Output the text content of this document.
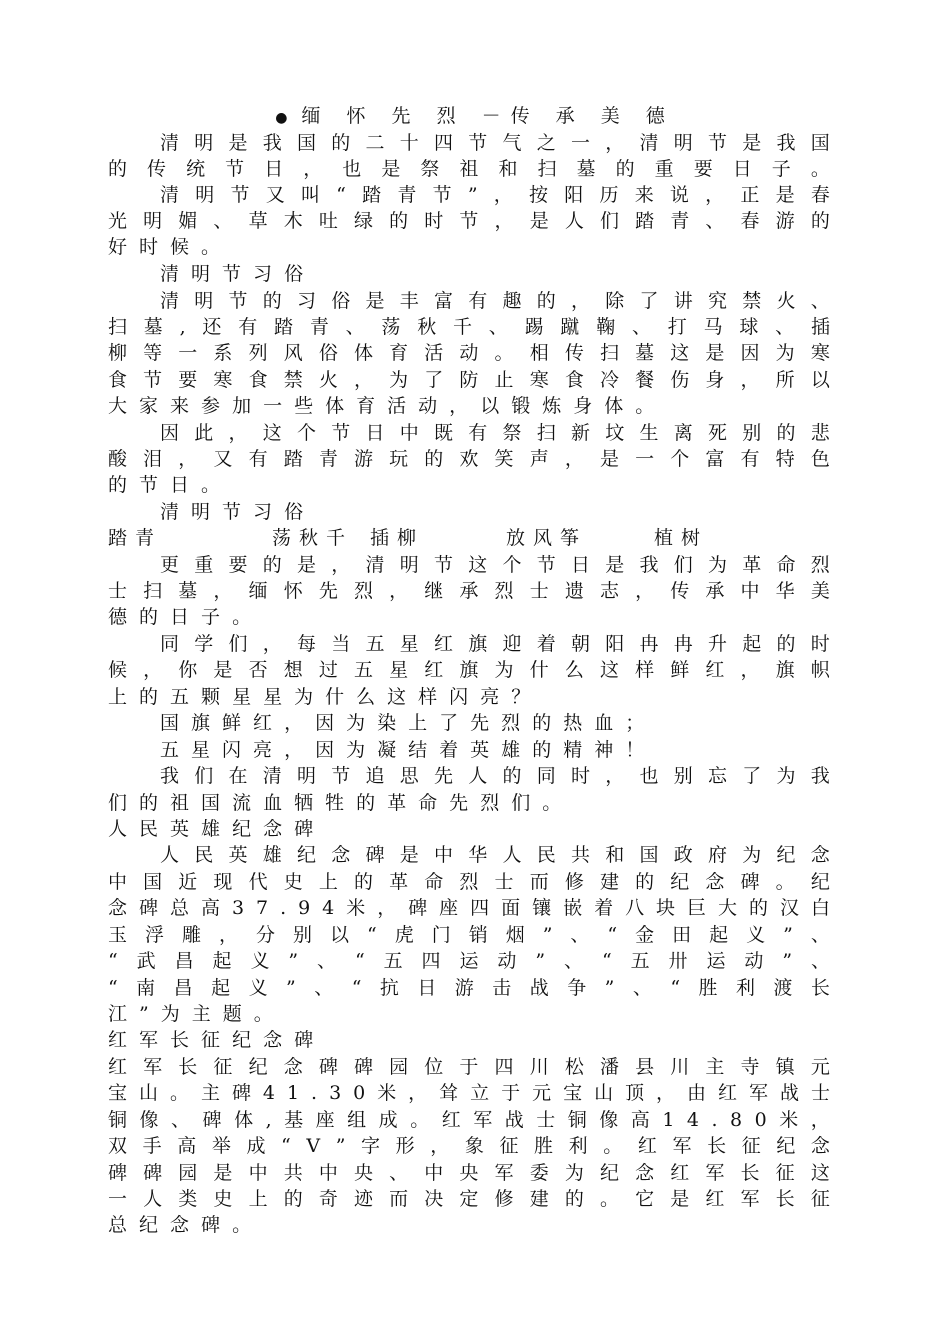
● 缅 怀 先 烈 －传 承 美 德
清 明 是 我 国 的 二 十 四 节 气 之 一 ， 清 明 节 是 我 国
的 传 统 节 日 ， 也 是 祭 祖 和 扫 墓 的 重 要 日 子 。
清 明 节 又 叫 “ 踏 青 节 ” ， 按 阳 历 来 说 ， 正 是 春
光 明 媚 、 草 木 吐 绿 的 时 节 ， 是 人 们 踏 青 、 春 游 的
好 时 候 。
清 明 节 习 俗
清 明 节 的 习 俗 是 丰 富 有 趣 的 ， 除 了 讲 究 禁 火 、
扫 墓 , 还 有 踏 青 、 荡 秋 千 、 踢 蹴 鞠 、 打 马 球 、 插
柳 等 一 系 列 风 俗 体 育 活 动 。 相 传 扫 墓 这 是 因 为 寒
食 节 要 寒 食 禁 火 ， 为 了 防 止 寒 食 冷 餐 伤 身 ， 所 以
大 家 来 参 加 一 些 体 育 活 动 ， 以 锻 炼 身 体 。
因 此 ， 这 个 节 日 中 既 有 祭 扫 新 坟 生 离 死 别 的 悲
酸 泪 ， 又 有 踏 青 游 玩 的 欢 笑 声 ， 是 一 个 富 有 特 色
的 节 日 。
清 明 节 习 俗
更 重 要 的 是 ， 清 明 节 这 个 节 日 是 我 们 为 革 命 烈
士 扫 墓 ， 缅 怀 先 烈 ， 继 承 烈 士 遗 志 ， 传 承 中 华 美
德 的 日 子 。
同 学 们 ， 每 当 五 星 红 旗 迎 着 朝 阳 冉 冉 升 起 的 时
候 ， 你 是 否 想 过 五 星 红 旗 为 什 么 这 样 鲜 红 ， 旗 帜
上 的 五 颗 星 星 为 什 么 这 样 闪 亮 ？
国 旗 鲜 红 ， 因 为 染 上 了 先 烈 的 热 血 ；
五 星 闪 亮 ， 因 为 凝 结 着 英 雄 的 精 神 ！
我 们 在 清 明 节 追 思 先 人 的 同 时 ， 也 别 忘 了 为 我
们 的 祖 国 流 血 牺 牲 的 革 命 先 烈 们 。
人 民 英 雄 纪 念 碑
人 民 英 雄 纪 念 碑 是 中 华 人 民 共 和 国 政 府 为 纪 念
中 国 近 现 代 史 上 的 革 命 烈 士 而 修 建 的 纪 念 碑 。 纪
念 碑 总 高 3 7 . 9 4 米 ， 碑 座 四 面 镶 嵌 着 八 块 巨 大 的 汉 白
玉 浮 雕 ， 分 别 以 “ 虎 门 销 烟 ” 、 “ 金 田 起 义 ” 、
“ 武 昌 起 义 ” 、 “ 五 四 运 动 ” 、 “ 五 卅 运 动 ” 、
“ 南 昌 起 义 ” 、 “ 抗 日 游 击 战 争 ” 、 “ 胜 利 渡 长
江 ” 为 主 题 。
红 军 长 征 纪 念 碑
红 军 长 征 纪 念 碑 碑 园 位 于 四 川 松 潘 县 川 主 寺 镇 元
宝 山 。 主 碑 4 1 . 3 0 米 ， 耸 立 于 元 宝 山 顶 ， 由 红 军 战 士
铜 像 、 碑 体 , 基 座 组 成 。 红 军 战 士 铜 像 高 1 4 . 8 0 米 ，
双 手 高 举 成 “ V ” 字 形 ， 象 征 胜 利 。 红 军 长 征 纪 念
碑 碑 园 是 中 共 中 央 、 中 央 军 委 为 纪 念 红 军 长 征 这
一 人 类 史 上 的 奇 迹 而 决 定 修 建 的 。 它 是 红 军 长 征
总 纪 念 碑 。
踏青	荡秋千 插柳	放风筝	植树
